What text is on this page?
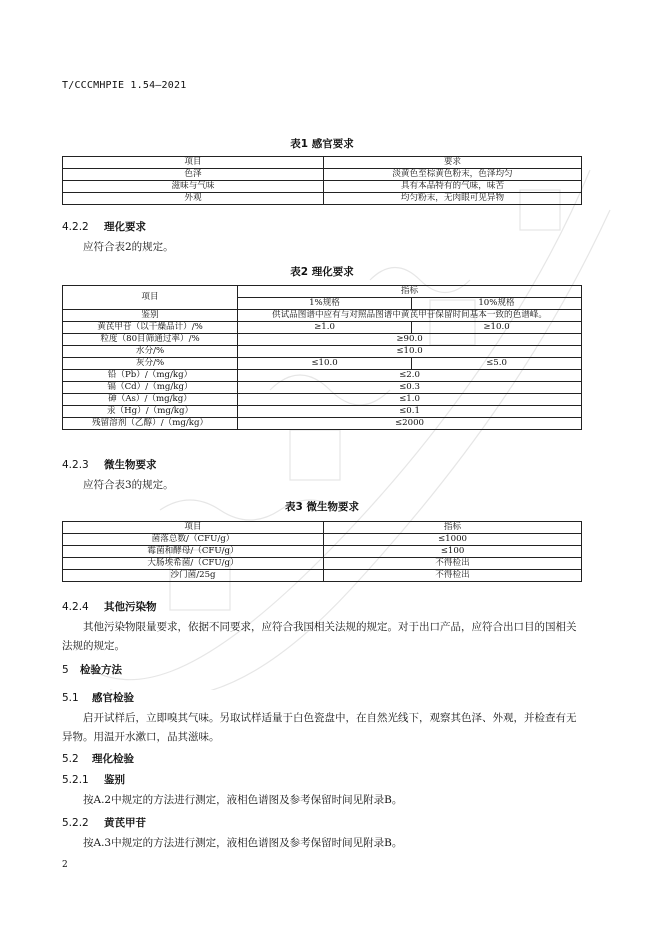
T/CCCMHPIE 1.54—2021
表1 感官要求
项目	要求
色泽	淡黄色至棕黄色粉末，色泽均匀
滋味与气味	具有本品特有的气味，味苦
外观	均匀粉末，无肉眼可见异物
4.2.2 理化要求
应符合表2的规定。
表2 理化要求
项目	指标	
	1%规格	10%规格
鉴别	供试品图谱中应有与对照品图谱中黄芪甲苷保留时间基本一致的色谱峰。	
黄芪甲苷（以干燥品计）/%	≥1.0	≥10.0
粒度（80目筛通过率）/%	≥90.0	
水分/%	≤10.0	
灰分/%	≤10.0	≤5.0
铅（Pb）/（mg/kg）	≤2.0	
镉（Cd）/（mg/kg）	≤0.3	
砷（As）/（mg/kg）	≤1.0	
汞（Hg）/（mg/kg）	≤0.1	
残留溶剂（乙醇）/（mg/kg）	≤2000	
4.2.3 微生物要求
应符合表3的规定。
表3 微生物要求
项目	指标
菌落总数/（CFU/g）	≤1000
霉菌和酵母/（CFU/g）	≤100
大肠埃希菌/（CFU/g）	不得检出
沙门菌/25g	不得检出
4.2.4 其他污染物
其他污染物限量要求，依据不同要求，应符合我国相关法规的规定。对于出口产品，应符合出口目的国相关法规的规定。
5 检验方法
5.1 感官检验
启开试样后，立即嗅其气味。另取试样适量于白色瓷盘中，在自然光线下，观察其色泽、外观，并检查有无异物。用温开水漱口，品其滋味。
5.2 理化检验
5.2.1 鉴别
按A.2中规定的方法进行测定，液相色谱图及参考保留时间见附录B。
5.2.2 黄芪甲苷
按A.3中规定的方法进行测定，液相色谱图及参考保留时间见附录B。
2
